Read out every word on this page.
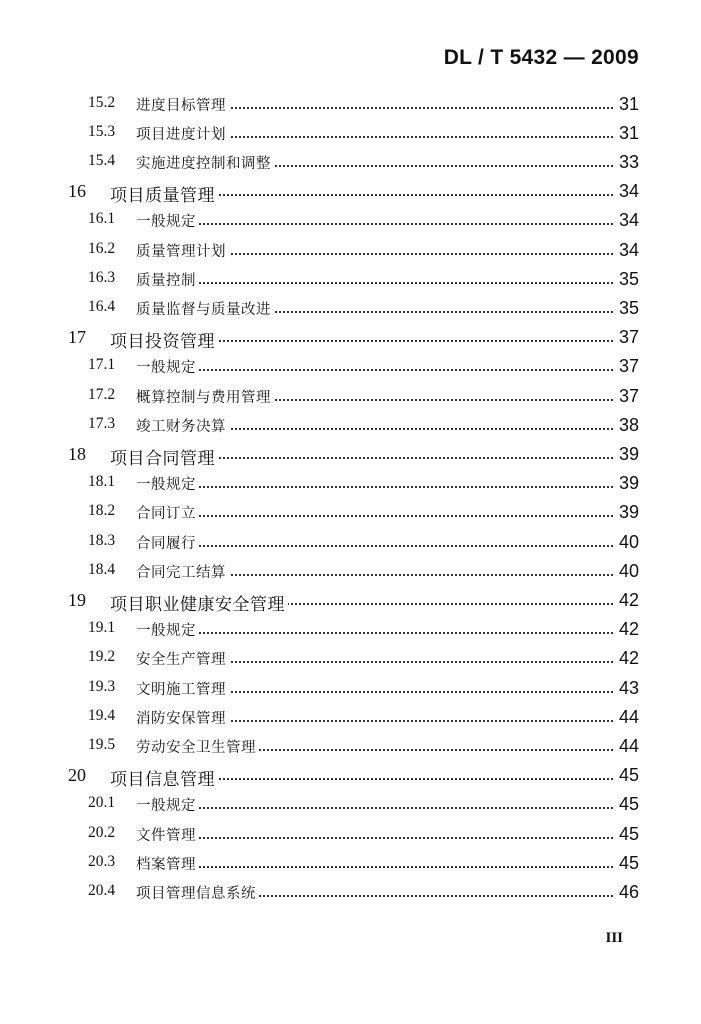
DL / T 5432 — 2009
15.2 进度目标管理	31
15.3 项目进度计划	31
15.4 实施进度控制和调整	33
16 项目质量管理	34
16.1 一般规定	34
16.2 质量管理计划	34
16.3 质量控制	35
16.4 质量监督与质量改进	35
17 项目投资管理	37
17.1 一般规定	37
17.2 概算控制与费用管理	37
17.3 竣工财务决算	38
18 项目合同管理	39
18.1 一般规定	39
18.2 合同订立	39
18.3 合同履行	40
18.4 合同完工结算	40
19 项目职业健康安全管理	42
19.1 一般规定	42
19.2 安全生产管理	42
19.3 文明施工管理	43
19.4 消防安保管理	44
19.5 劳动安全卫生管理	44
20 项目信息管理	45
20.1 一般规定	45
20.2 文件管理	45
20.3 档案管理	45
20.4 项目管理信息系统	46
III
